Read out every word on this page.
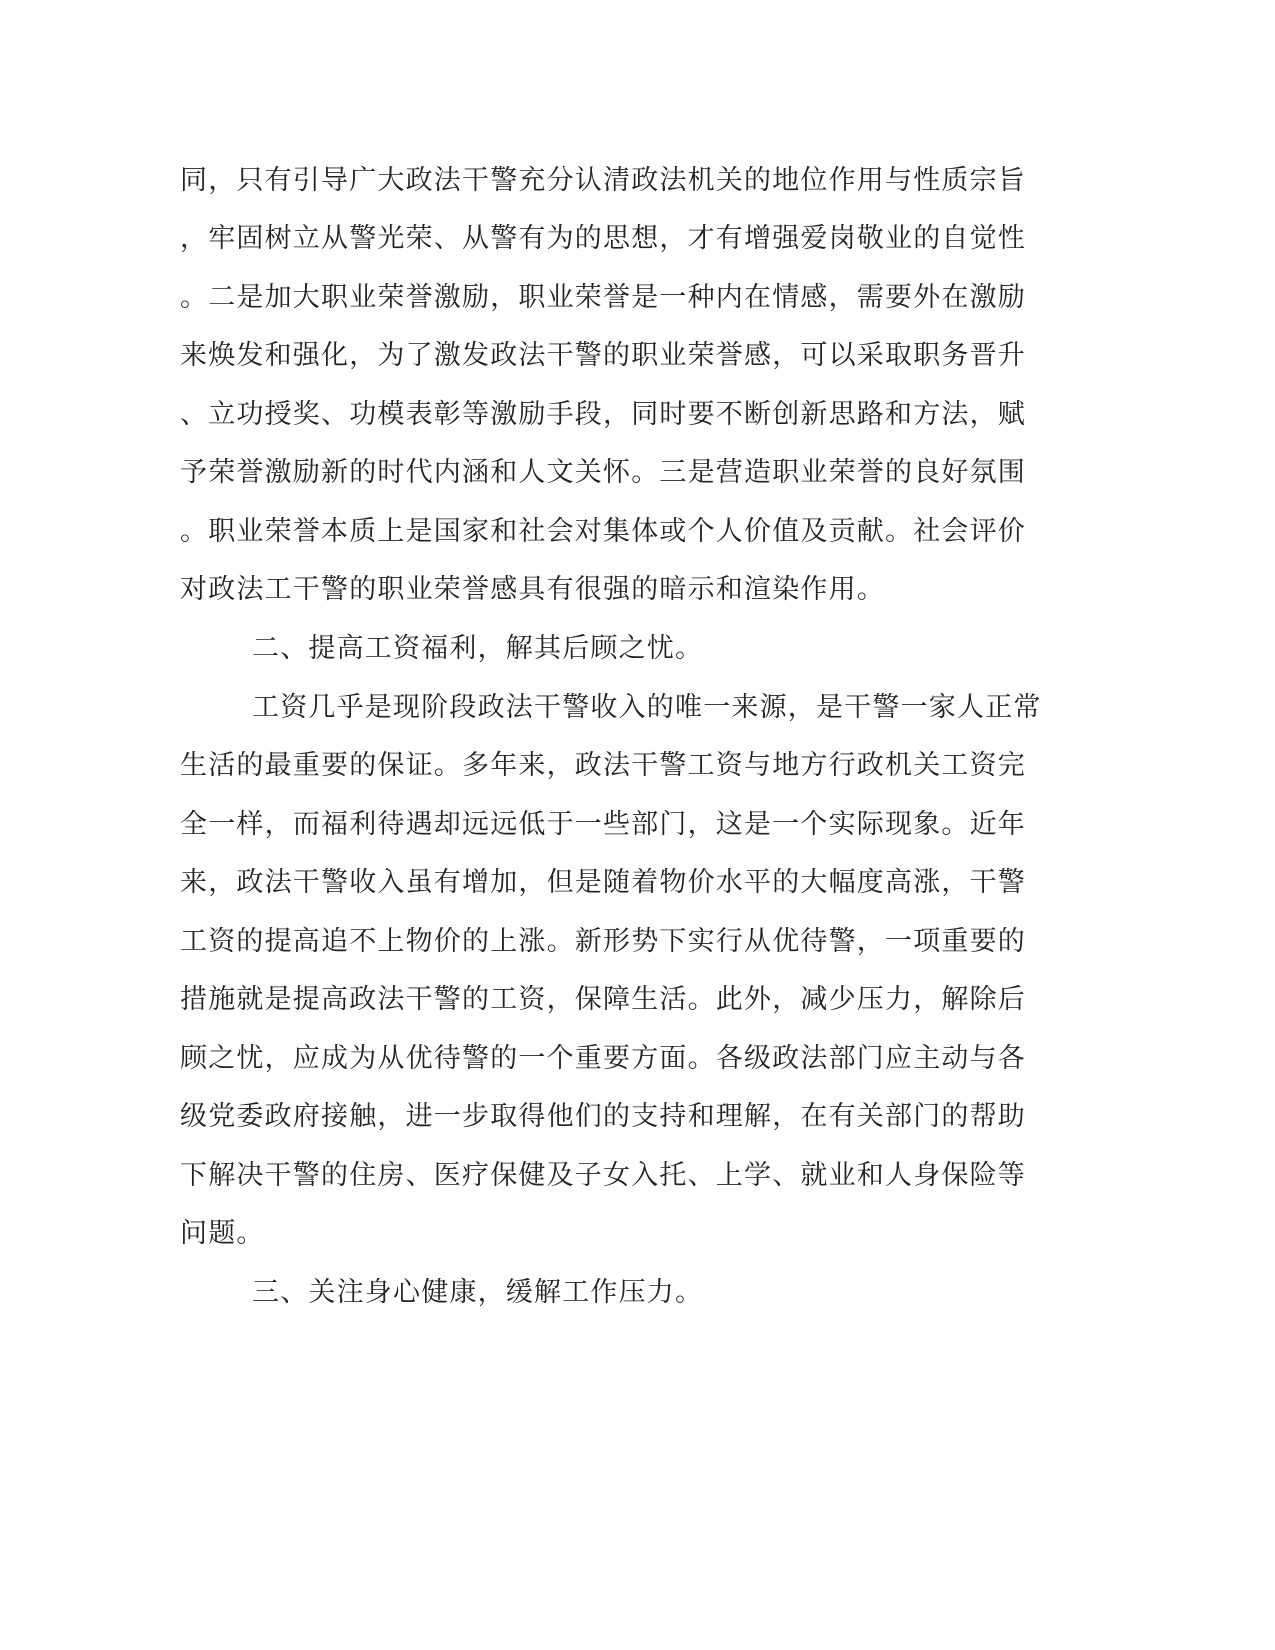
同，只有引导广大政法干警充分认清政法机关的地位作用与性质宗旨

，牢固树立从警光荣、从警有为的思想，才有增强爱岗敬业的自觉性

。二是加大职业荣誉激励，职业荣誉是一种内在情感，需要外在激励

来焕发和强化，为了激发政法干警的职业荣誉感，可以采取职务晋升

、立功授奖、功模表彰等激励手段，同时要不断创新思路和方法，赋

予荣誉激励新的时代内涵和人文关怀。三是营造职业荣誉的良好氛围

。职业荣誉本质上是国家和社会对集体或个人价值及贡献。社会评价

对政法工干警的职业荣誉感具有很强的暗示和渲染作用。

二、提高工资福利，解其后顾之忧。

工资几乎是现阶段政法干警收入的唯一来源，是干警一家人正常

生活的最重要的保证。多年来，政法干警工资与地方行政机关工资完

全一样，而福利待遇却远远低于一些部门，这是一个实际现象。近年

来，政法干警收入虽有增加，但是随着物价水平的大幅度高涨，干警

工资的提高追不上物价的上涨。新形势下实行从优待警，一项重要的

措施就是提高政法干警的工资，保障生活。此外，减少压力，解除后

顾之忧，应成为从优待警的一个重要方面。各级政法部门应主动与各

级党委政府接触，进一步取得他们的支持和理解，在有关部门的帮助

下解决干警的住房、医疗保健及子女入托、上学、就业和人身保险等

问题。

三、关注身心健康，缓解工作压力。
